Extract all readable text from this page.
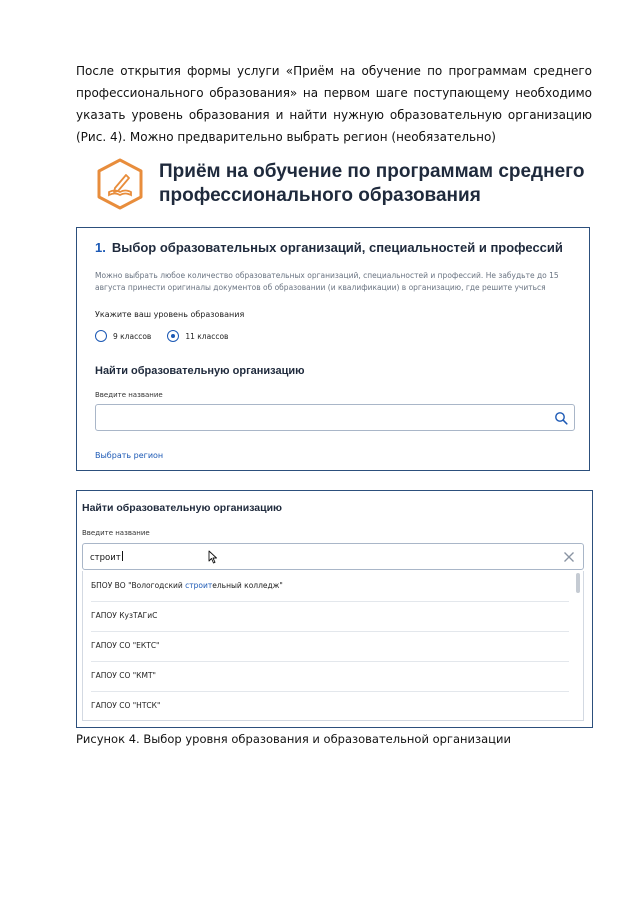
После открытия формы услуги «Приём на обучение по программам среднего профессионального образования» на первом шаге поступающему необходимо указать уровень образования и найти нужную образовательную организацию (Рис. 4). Можно предварительно выбрать регион (необязательно)
Приём на обучение по программам среднего профессионального образования
1. Выбор образовательных организаций, специальностей и профессий
Можно выбрать любое количество образовательных организаций, специальностей и профессий. Не забудьте до 15 августа принести оригиналы документов об образовании (и квалификации) в организацию, где решите учиться
Укажите ваш уровень образования
9 классов	11 классов
Найти образовательную организацию
Введите название
Выбрать регион
Найти образовательную организацию
Введите название
строит
БПОУ ВО "Вологодский строительный колледж"
ГАПОУ КузТАГиС
ГАПОУ СО "ЕКТС"
ГАПОУ СО "КМТ"
ГАПОУ СО "НТСК"
Рисунок 4. Выбор уровня образования и образовательной организации
